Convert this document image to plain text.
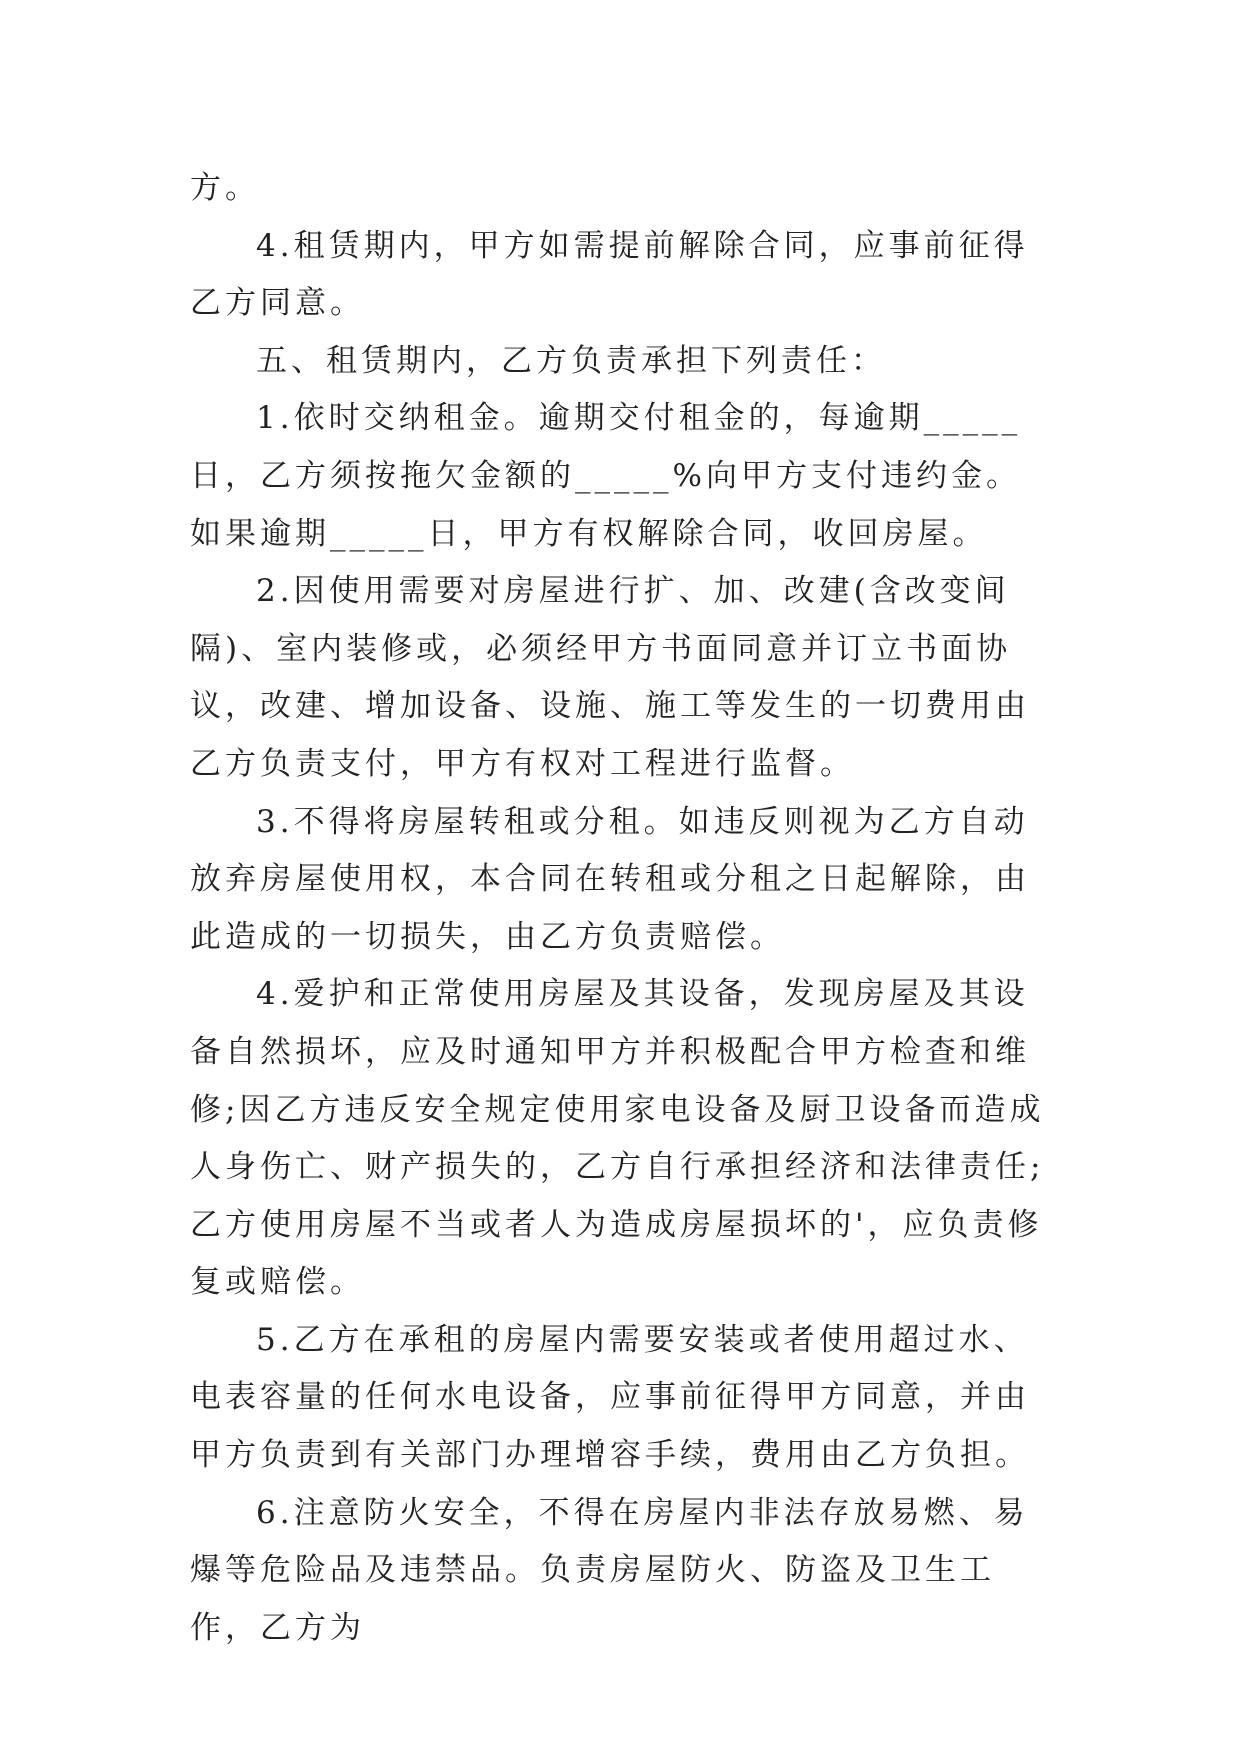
方。

4.租赁期内，甲方如需提前解除合同，应事前征得乙方同意。

五、租赁期内，乙方负责承担下列责任：

1.依时交纳租金。逾期交付租金的，每逾期_____日，乙方须按拖欠金额的_____%向甲方支付违约金。如果逾期_____日，甲方有权解除合同，收回房屋。

2.因使用需要对房屋进行扩、加、改建(含改变间隔)、室内装修或，必须经甲方书面同意并订立书面协议，改建、增加设备、设施、施工等发生的一切费用由乙方负责支付，甲方有权对工程进行监督。

3.不得将房屋转租或分租。如违反则视为乙方自动放弃房屋使用权，本合同在转租或分租之日起解除，由此造成的一切损失，由乙方负责赔偿。

4.爱护和正常使用房屋及其设备，发现房屋及其设备自然损坏，应及时通知甲方并积极配合甲方检查和维修;因乙方违反安全规定使用家电设备及厨卫设备而造成人身伤亡、财产损失的，乙方自行承担经济和法律责任;乙方使用房屋不当或者人为造成房屋损坏的'，应负责修复或赔偿。

5.乙方在承租的房屋内需要安装或者使用超过水、电表容量的任何水电设备，应事前征得甲方同意，并由甲方负责到有关部门办理增容手续，费用由乙方负担。

6.注意防火安全，不得在房屋内非法存放易燃、易爆等危险品及违禁品。负责房屋防火、防盗及卫生工作，乙方为
